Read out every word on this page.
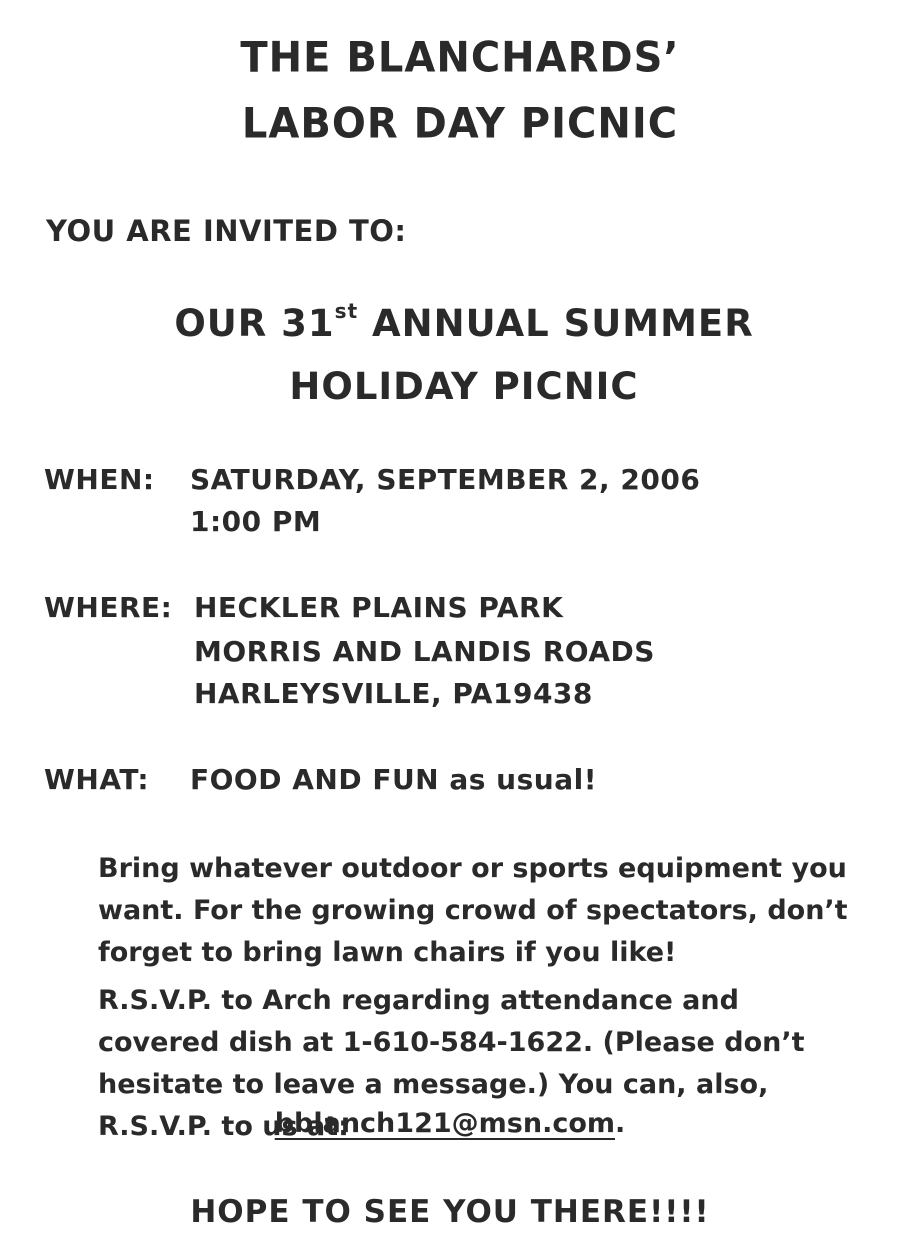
THE BLANCHARDS’
LABOR DAY PICNIC
YOU ARE INVITED TO:
OUR 31st ANNUAL SUMMER
HOLIDAY PICNIC
WHEN: SATURDAY, SEPTEMBER 2, 2006
1:00 PM
WHERE: HECKLER PLAINS PARK
MORRIS AND LANDIS ROADS
HARLEYSVILLE, PA19438
WHAT: FOOD AND FUN as usual!

Bring whatever outdoor or sports equipment you want. For the growing crowd of spectators, don’t forget to bring lawn chairs if you like!

R.S.V.P. to Arch regarding attendance and covered dish at 1-610-584-1622. (Please don’t hesitate to leave a message.) You can, also, R.S.V.P. to us at:

bblanch121@msn.com.
HOPE TO SEE YOU THERE!!!!
